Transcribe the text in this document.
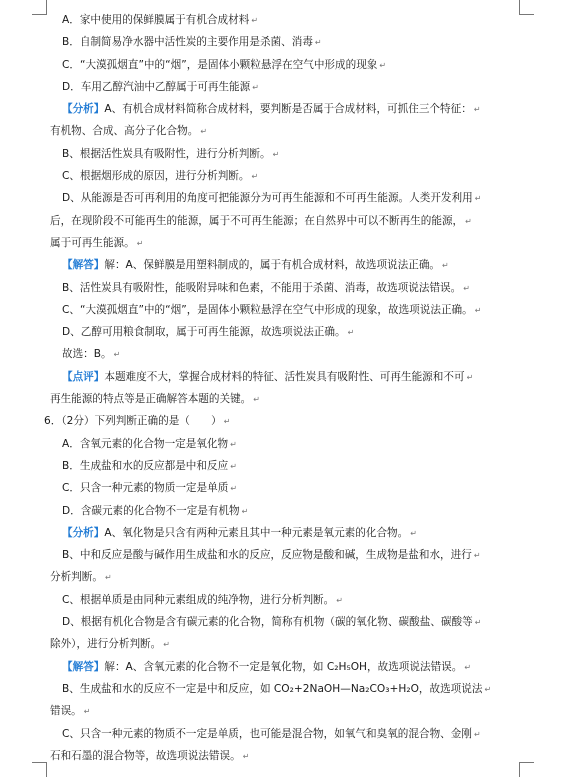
A．家中使用的保鲜膜属于有机合成材料 ↵
B．自制简易净水器中活性炭的主要作用是杀菌、消毒 ↵
C．“大漠孤烟直”中的“烟”，是固体小颗粒悬浮在空气中形成的现象 ↵
D．车用乙醇汽油中乙醇属于可再生能源 ↵
【分析】A、有机合成材料简称合成材料，要判断是否属于合成材料，可抓住三个特征： ↵
有机物、合成、高分子化合物。 ↵
B、根据活性炭具有吸附性，进行分析判断。 ↵
C、根据烟形成的原因，进行分析判断。 ↵
D、从能源是否可再利用的角度可把能源分为可再生能源和不可再生能源。人类开发利用 ↵
后，在现阶段不可能再生的能源，属于不可再生能源；在自然界中可以不断再生的能源， ↵
属于可再生能源。 ↵
【解答】解：A、保鲜膜是用塑料制成的，属于有机合成材料，故选项说法正确。 ↵
B、活性炭具有吸附性，能吸附异味和色素，不能用于杀菌、消毒，故选项说法错误。 ↵
C、“大漠孤烟直”中的“烟”，是固体小颗粒悬浮在空气中形成的现象，故选项说法正确。 ↵
D、乙醇可用粮食制取，属于可再生能源，故选项说法正确。 ↵
故选：B。 ↵
【点评】本题难度不大，掌握合成材料的特征、活性炭具有吸附性、可再生能源和不可 ↵
再生能源的特点等是正确解答本题的关键。 ↵
6．（2分）下列判断正确的是（　　） ↵
A．含氧元素的化合物一定是氧化物 ↵
B．生成盐和水的反应都是中和反应 ↵
C．只含一种元素的物质一定是单质 ↵
D．含碳元素的化合物不一定是有机物 ↵
【分析】A、氧化物是只含有两种元素且其中一种元素是氧元素的化合物。 ↵
B、中和反应是酸与碱作用生成盐和水的反应，反应物是酸和碱，生成物是盐和水，进行 ↵
分析判断。 ↵
C、根据单质是由同种元素组成的纯净物，进行分析判断。 ↵
D、根据有机化合物是含有碳元素的化合物，简称有机物（碳的氧化物、碳酸盐、碳酸等 ↵
除外），进行分析判断。 ↵
【解答】解：A、含氧元素的化合物不一定是氧化物，如 C₂H₅OH，故选项说法错误。 ↵
B、生成盐和水的反应不一定是中和反应，如 CO₂+2NaOH—Na₂CO₃+H₂O，故选项说法 ↵
错误。 ↵
C、只含一种元素的物质不一定是单质，也可能是混合物，如氧气和臭氧的混合物、金刚 ↵
石和石墨的混合物等，故选项说法错误。 ↵
